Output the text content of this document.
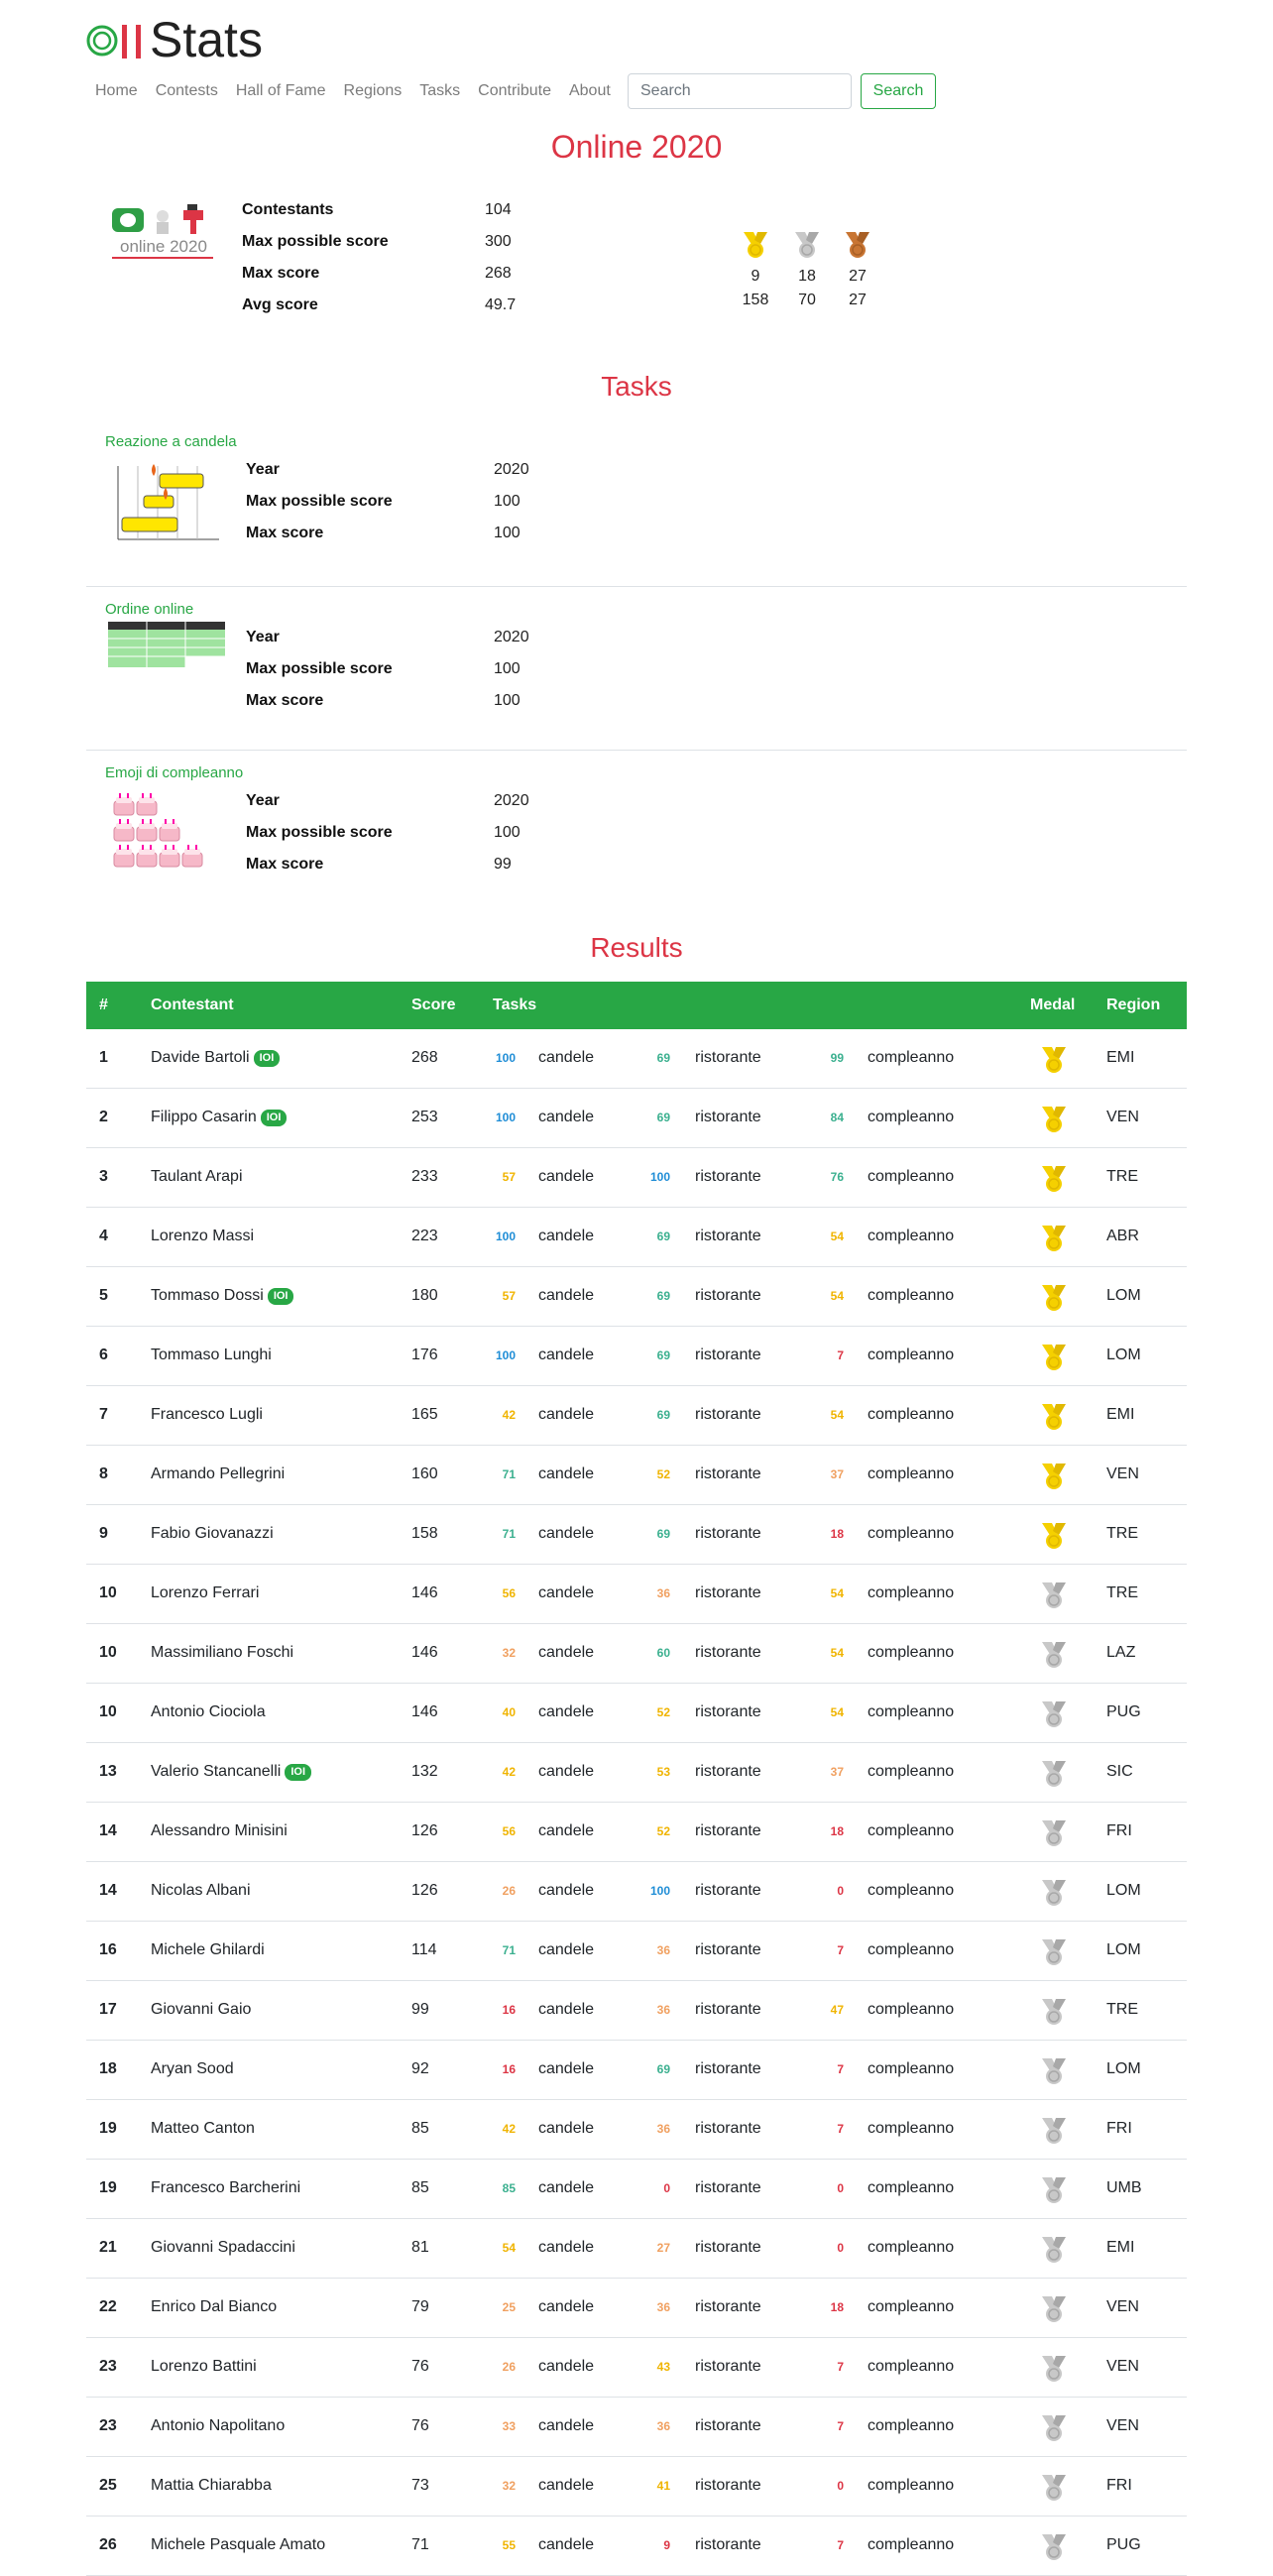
Stats
Home	Contests	Hall of Fame	Regions	Tasks	Contribute	About
Search	Search
Online 2020
online 2020
Contestants	104
Max possible score	300
Max score	268
Avg score	49.7
9
158
18
70
27
27
Tasks
Reazione a candela
Year	2020
Max possible score	100
Max score	100
Ordine online
Year	2020
Max possible score	100
Max score	100
Emoji di compleanno
Year	2020
Max possible score	100
Max score	99
Results
#	Contestant	Score Tasks	Medal Region
1	Davide Bartoli IOI	268	100 candele	69 ristorante	99 compleanno	EMI
2	Filippo Casarin IOI	253	100 candele	69 ristorante	84 compleanno	VEN
3	Taulant Arapi	233	57 candele	100 ristorante	76 compleanno	TRE
4	Lorenzo Massi	223	100 candele	69 ristorante	54 compleanno	ABR
5	Tommaso Dossi IOI	180	57 candele	69 ristorante	54 compleanno	LOM
6	Tommaso Lunghi	176	100 candele	69 ristorante	7 compleanno	LOM
7	Francesco Lugli	165	42 candele	69 ristorante	54 compleanno	EMI
8	Armando Pellegrini	160	71 candele	52 ristorante	37 compleanno	VEN
9	Fabio Giovanazzi	158	71 candele	69 ristorante	18 compleanno	TRE
10 Lorenzo Ferrari	146	56 candele	36 ristorante	54 compleanno	TRE
10 Massimiliano Foschi	146	32 candele	60 ristorante	54 compleanno	LAZ
10 Antonio Ciociola	146	40 candele	52 ristorante	54 compleanno	PUG
13 Valerio Stancanelli IOI	132	42 candele	53 ristorante	37 compleanno	SIC
14 Alessandro Minisini	126	56 candele	52 ristorante	18 compleanno	FRI
14 Nicolas Albani	126	26 candele	100 ristorante	0 compleanno	LOM
16 Michele Ghilardi	114	71 candele	36 ristorante	7 compleanno	LOM
17 Giovanni Gaio	99	16 candele	36 ristorante	47 compleanno	TRE
18 Aryan Sood	92	16 candele	69 ristorante	7 compleanno	LOM
19 Matteo Canton	85	42 candele	36 ristorante	7 compleanno	FRI
19 Francesco Barcherini	85	85 candele	0 ristorante	0 compleanno	UMB
21 Giovanni Spadaccini	81	54 candele	27 ristorante	0 compleanno	EMI
22 Enrico Dal Bianco	79	25 candele	36 ristorante	18 compleanno	VEN
23 Lorenzo Battini	76	26 candele	43 ristorante	7 compleanno	VEN
23 Antonio Napolitano	76	33 candele	36 ristorante	7 compleanno	VEN
25 Mattia Chiarabba	73	32 candele	41 ristorante	0 compleanno	FRI
26 Michele Pasquale Amato	71	55 candele	9 ristorante	7 compleanno	PUG
